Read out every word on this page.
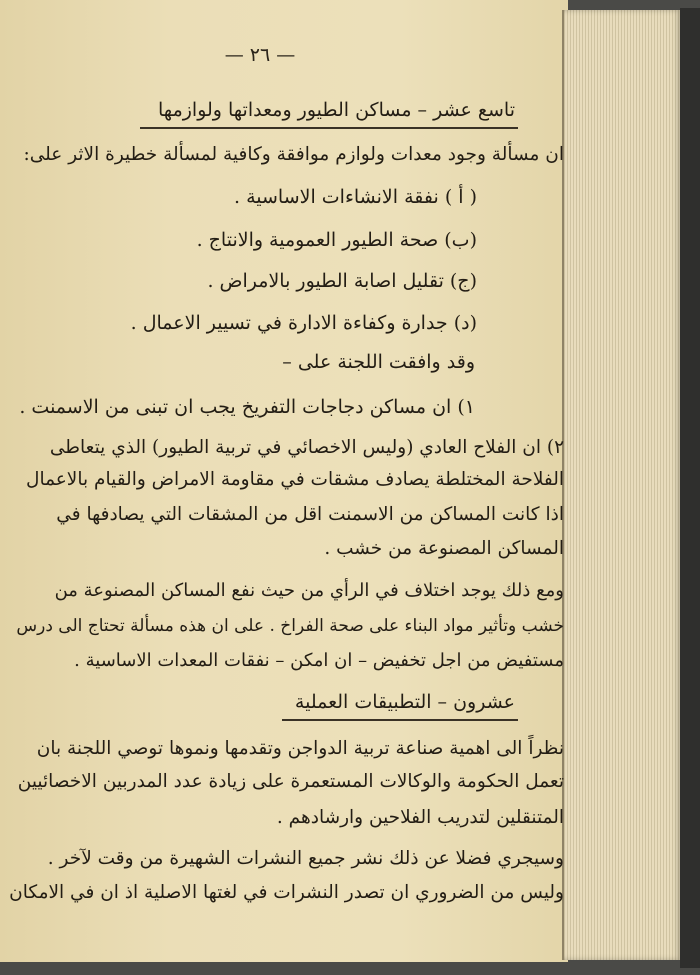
— ٢٦ —
تاسع عشر – مساكن الطيور ومعداتها ولوازمها
ان مسألة وجود معدات ولوازم موافقة وكافية لمسألة خطيرة الاثر على:
( أ ) نفقة الانشاءات الاساسية .
(ب) صحة الطيور العمومية والانتاج .
(ج) تقليل اصابة الطيور بالامراض .
(د) جدارة وكفاءة الادارة في تسيير الاعمال .
وقد وافقت اللجنة على –
١) ان مساكن دجاجات التفريخ يجب ان تبنى من الاسمنت .
٢) ان الفلاح العادي (وليس الاخصائي في تربية الطيور) الذي يتعاطى
الفلاحة المختلطة يصادف مشقات في مقاومة الامراض والقيام بالاعمال
اذا كانت المساكن من الاسمنت اقل من المشقات التي يصادفها في
المساكن المصنوعة من خشب .
ومع ذلك يوجد اختلاف في الرأي من حيث نفع المساكن المصنوعة من
خشب وتأثير مواد البناء على صحة الفراخ . على ان هذه مسألة تحتاج الى درس
مستفيض من اجل تخفيض – ان امكن – نفقات المعدات الاساسية .
عشرون – التطبيقات العملية
نظراً الى اهمية صناعة تربية الدواجن وتقدمها ونموها توصي اللجنة بان
تعمل الحكومة والوكالات المستعمرة على زيادة عدد المدربين الاخصائيين
المتنقلين لتدريب الفلاحين وارشادهم .
وسيجري فضلا عن ذلك نشر جميع النشرات الشهيرة من وقت لآخر .
وليس من الضروري ان تصدر النشرات في لغتها الاصلية اذ ان في الامكان
